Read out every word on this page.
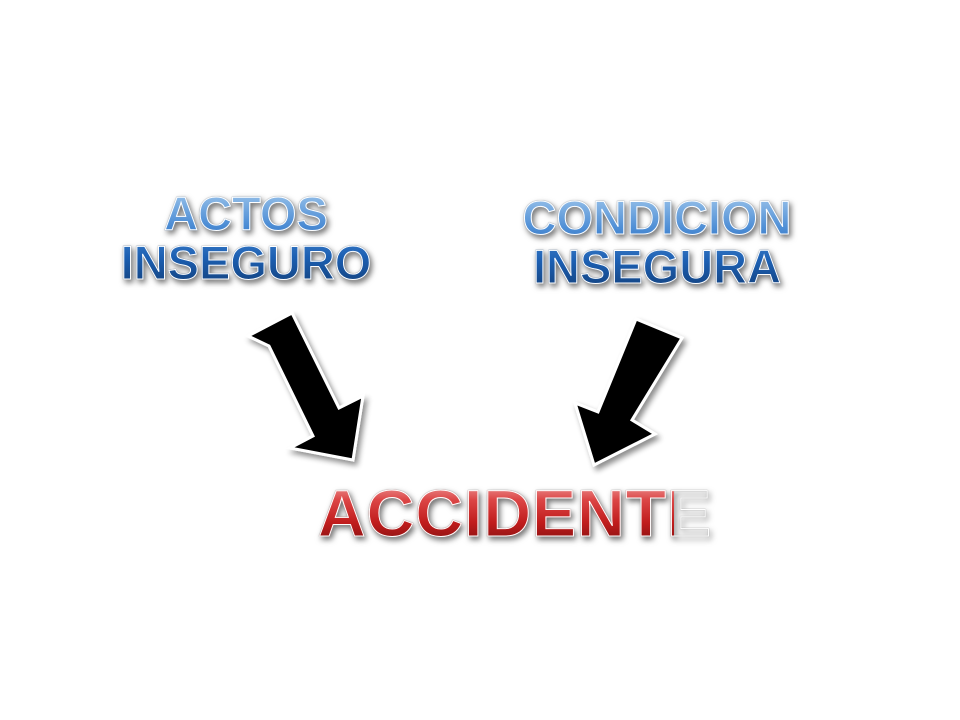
ACTOS
INSEGURO
CONDICION
INSEGURA
ACCIDENTE
